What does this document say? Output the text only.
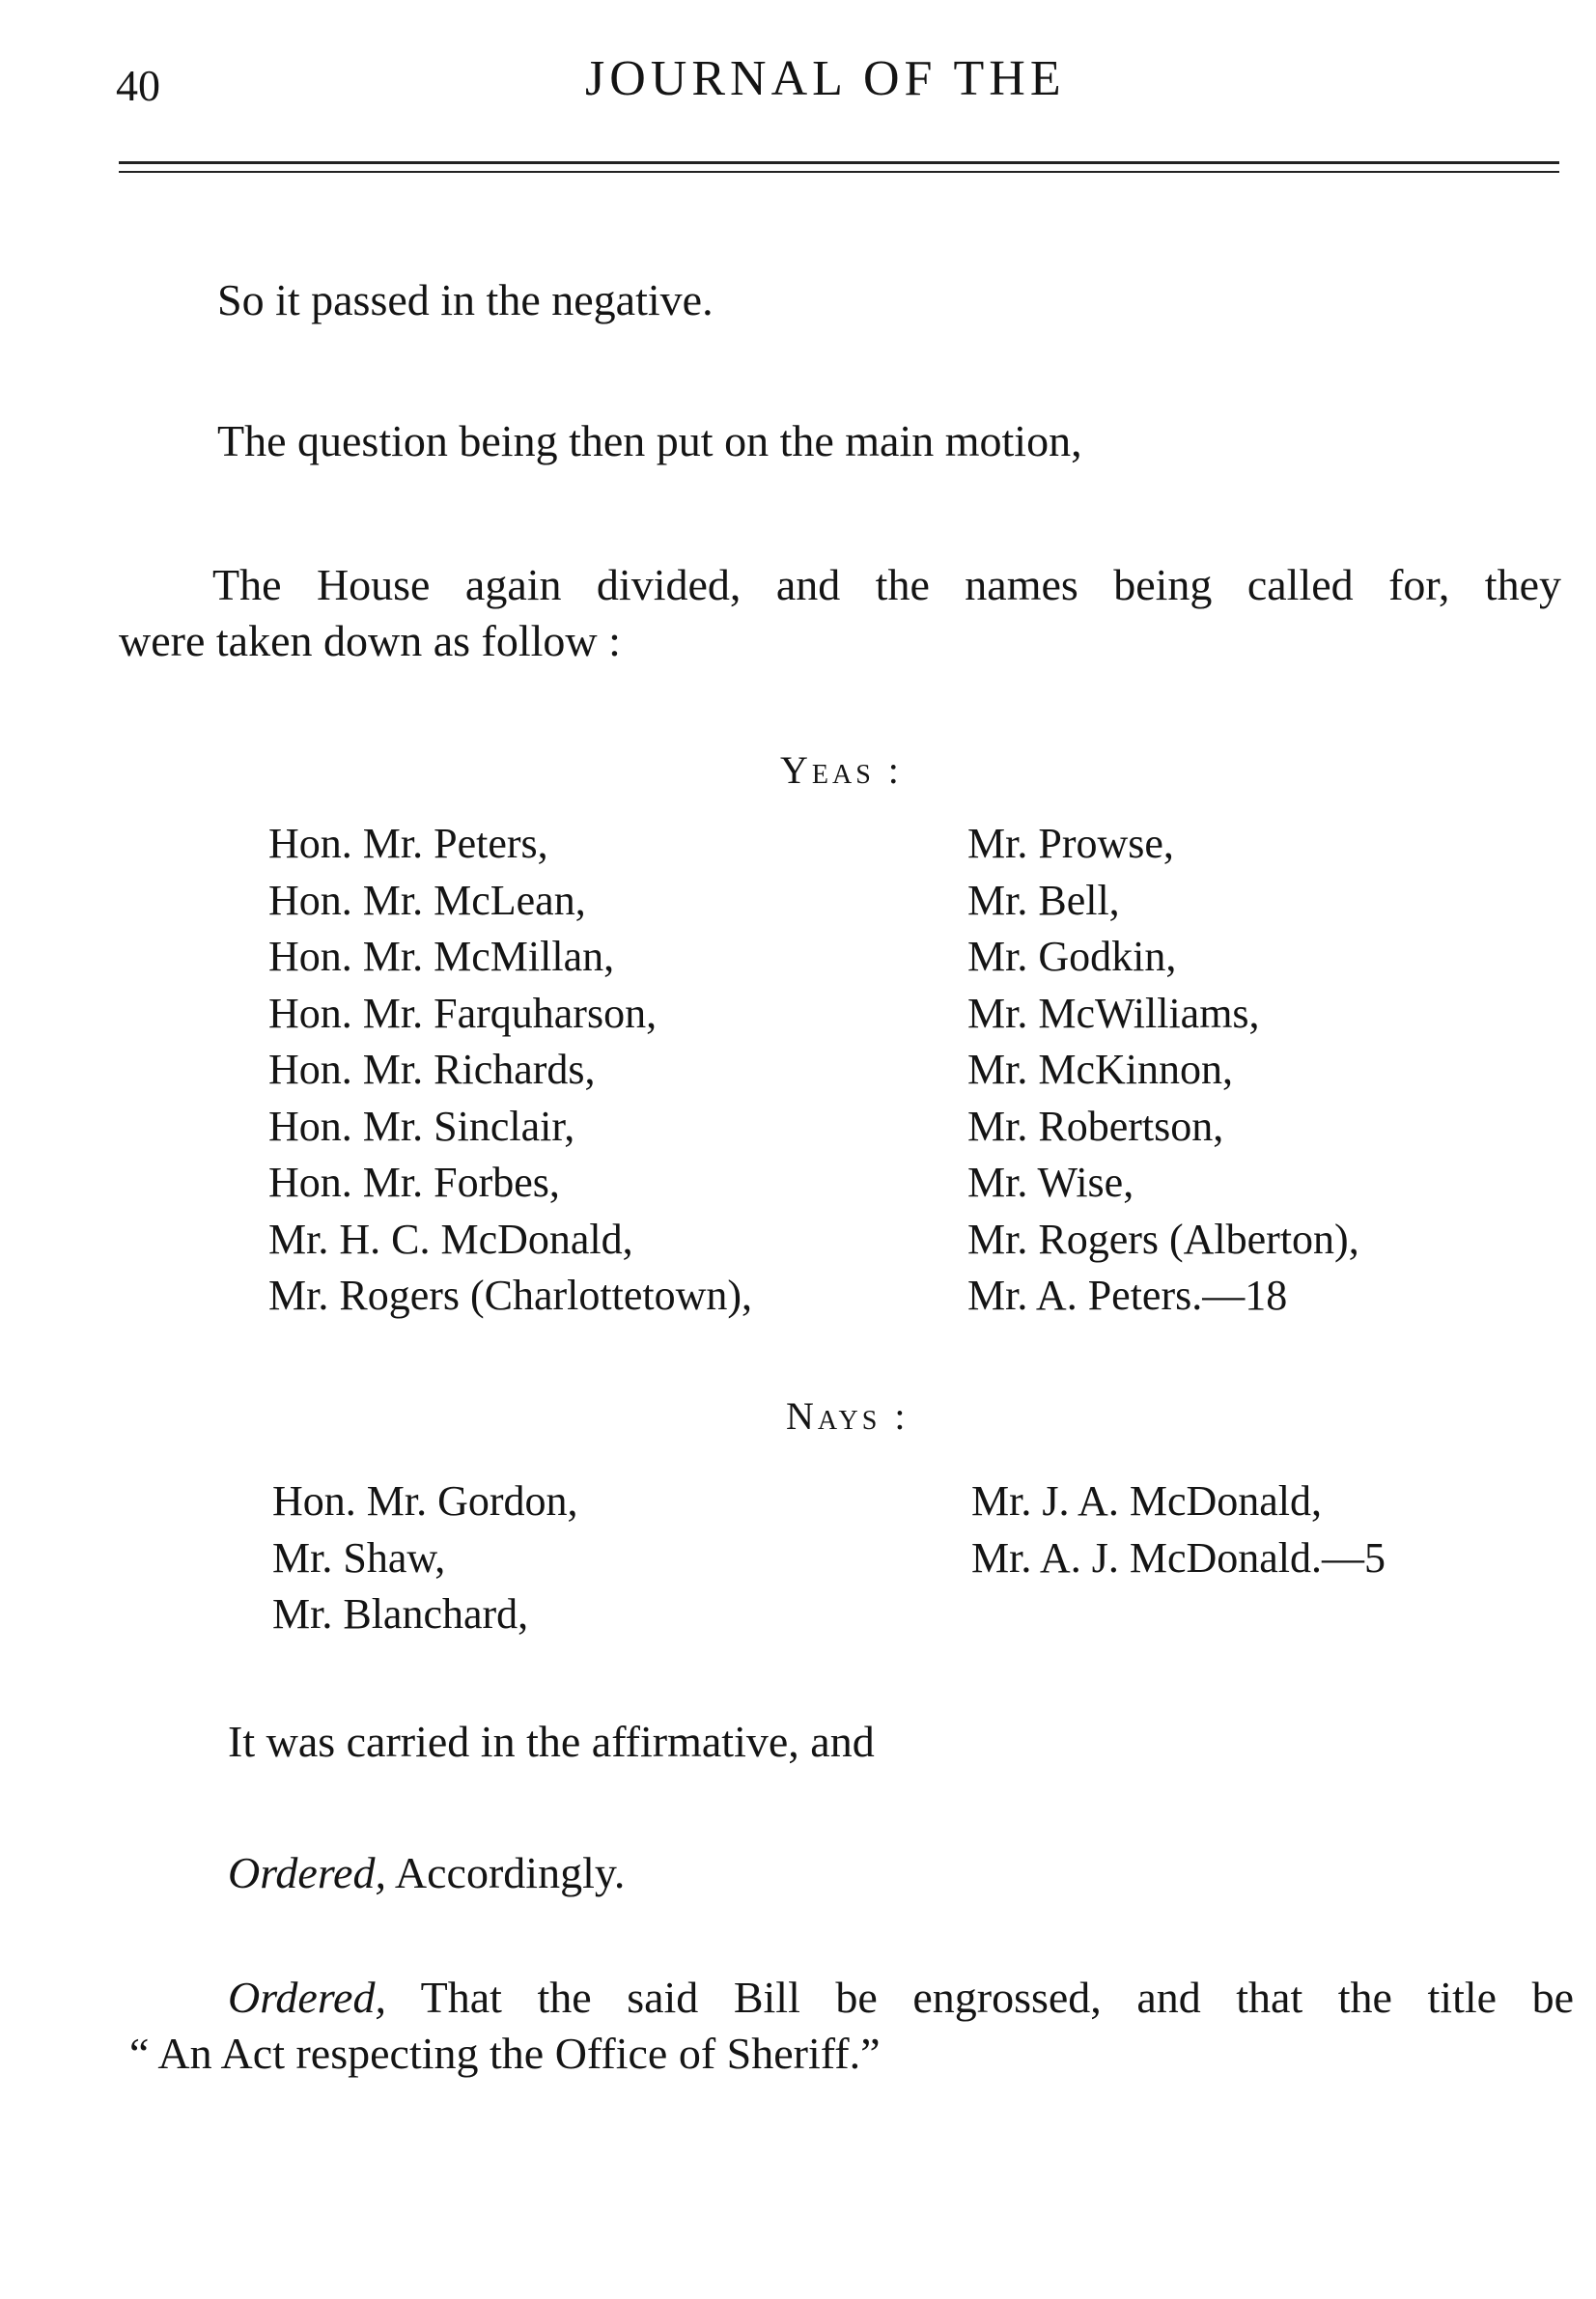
40	JOURNAL OF THE
So it passed in the negative.
The question being then put on the main motion,
The House again divided, and the names being called for, they
were taken down as follow :
Yeas :
Hon. Mr. Peters,
Hon. Mr. McLean,
Hon. Mr. McMillan,
Hon. Mr. Farquharson,
Hon. Mr. Richards,
Hon. Mr. Sinclair,
Hon. Mr. Forbes,
Mr. H. C. McDonald,
Mr. Rogers (Charlottetown),
Mr. Prowse,
Mr. Bell,
Mr. Godkin,
Mr. McWilliams,
Mr. McKinnon,
Mr. Robertson,
Mr. Wise,
Mr. Rogers (Alberton),
Mr. A. Peters.—18
Nays :
Hon. Mr. Gordon,
Mr. Shaw,
Mr. Blanchard,
Mr. J. A. McDonald,
Mr. A. J. McDonald.—5
It was carried in the affirmative, and
Ordered, Accordingly.
Ordered, That the said Bill be engrossed, and that the title be
“ An Act respecting the Office of Sheriff.”
